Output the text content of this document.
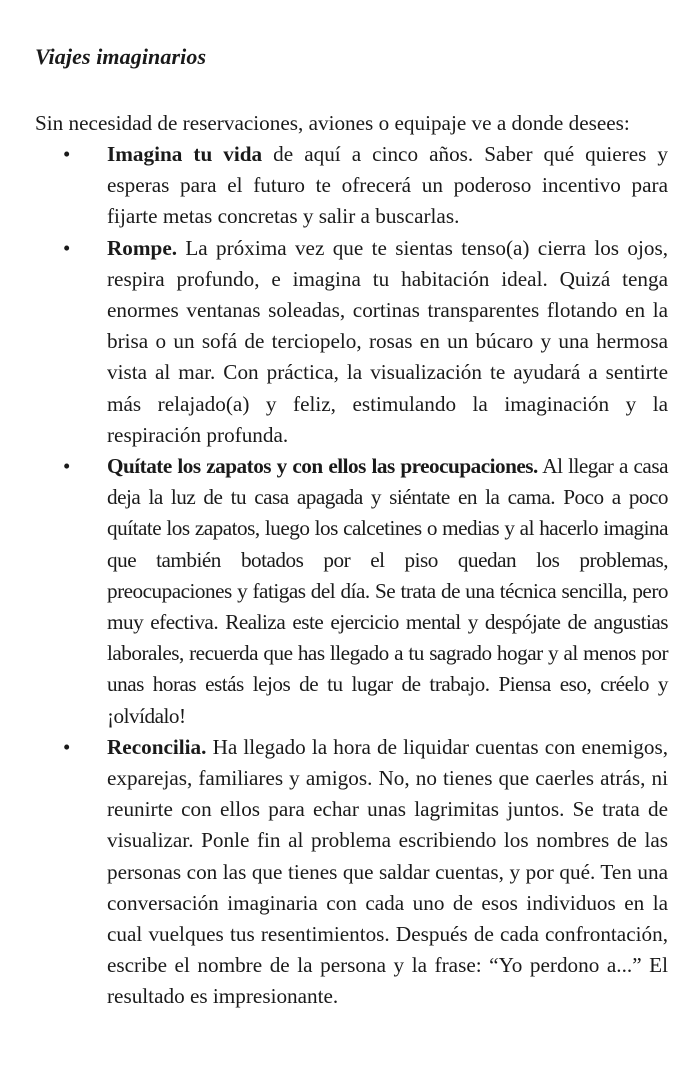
Viajes imaginarios

Sin necesidad de reservaciones, aviones o equipaje ve a donde desees:

• Imagina tu vida de aquí a cinco años. Saber qué quieres y esperas para el futuro te ofrecerá un poderoso incentivo para fijarte metas concretas y salir a buscarlas.
• Rompe. La próxima vez que te sientas tenso(a) cierra los ojos, respira profundo, e imagina tu habitación ideal. Quizá tenga enormes ventanas soleadas, cortinas transparentes flotando en la brisa o un sofá de terciopelo, rosas en un búcaro y una hermosa vista al mar. Con práctica, la visualización te ayudará a sentirte más relajado(a) y feliz, estimulando la imaginación y la respiración profunda.
• Quítate los zapatos y con ellos las preocupaciones. Al llegar a casa deja la luz de tu casa apagada y siéntate en la cama. Poco a poco quítate los zapatos, luego los calcetines o medias y al hacerlo imagina que también botados por el piso quedan los problemas, preocupaciones y fatigas del día. Se trata de una técnica sencilla, pero muy efectiva. Realiza este ejercicio mental y despójate de angustias laborales, recuerda que has llegado a tu sagrado hogar y al menos por unas horas estás lejos de tu lugar de trabajo. Piensa eso, créelo y ¡olvídalo!
• Reconcilia. Ha llegado la hora de liquidar cuentas con enemigos, exparejas, familiares y amigos. No, no tienes que caerles atrás, ni reunirte con ellos para echar unas lagrimitas juntos. Se trata de visualizar. Ponle fin al problema escribiendo los nombres de las personas con las que tienes que saldar cuentas, y por qué. Ten una conversación imaginaria con cada uno de esos individuos en la cual vuelques tus resentimientos. Después de cada confrontación, escribe el nombre de la persona y la frase: “Yo perdono a...” El resultado es impresionante.
